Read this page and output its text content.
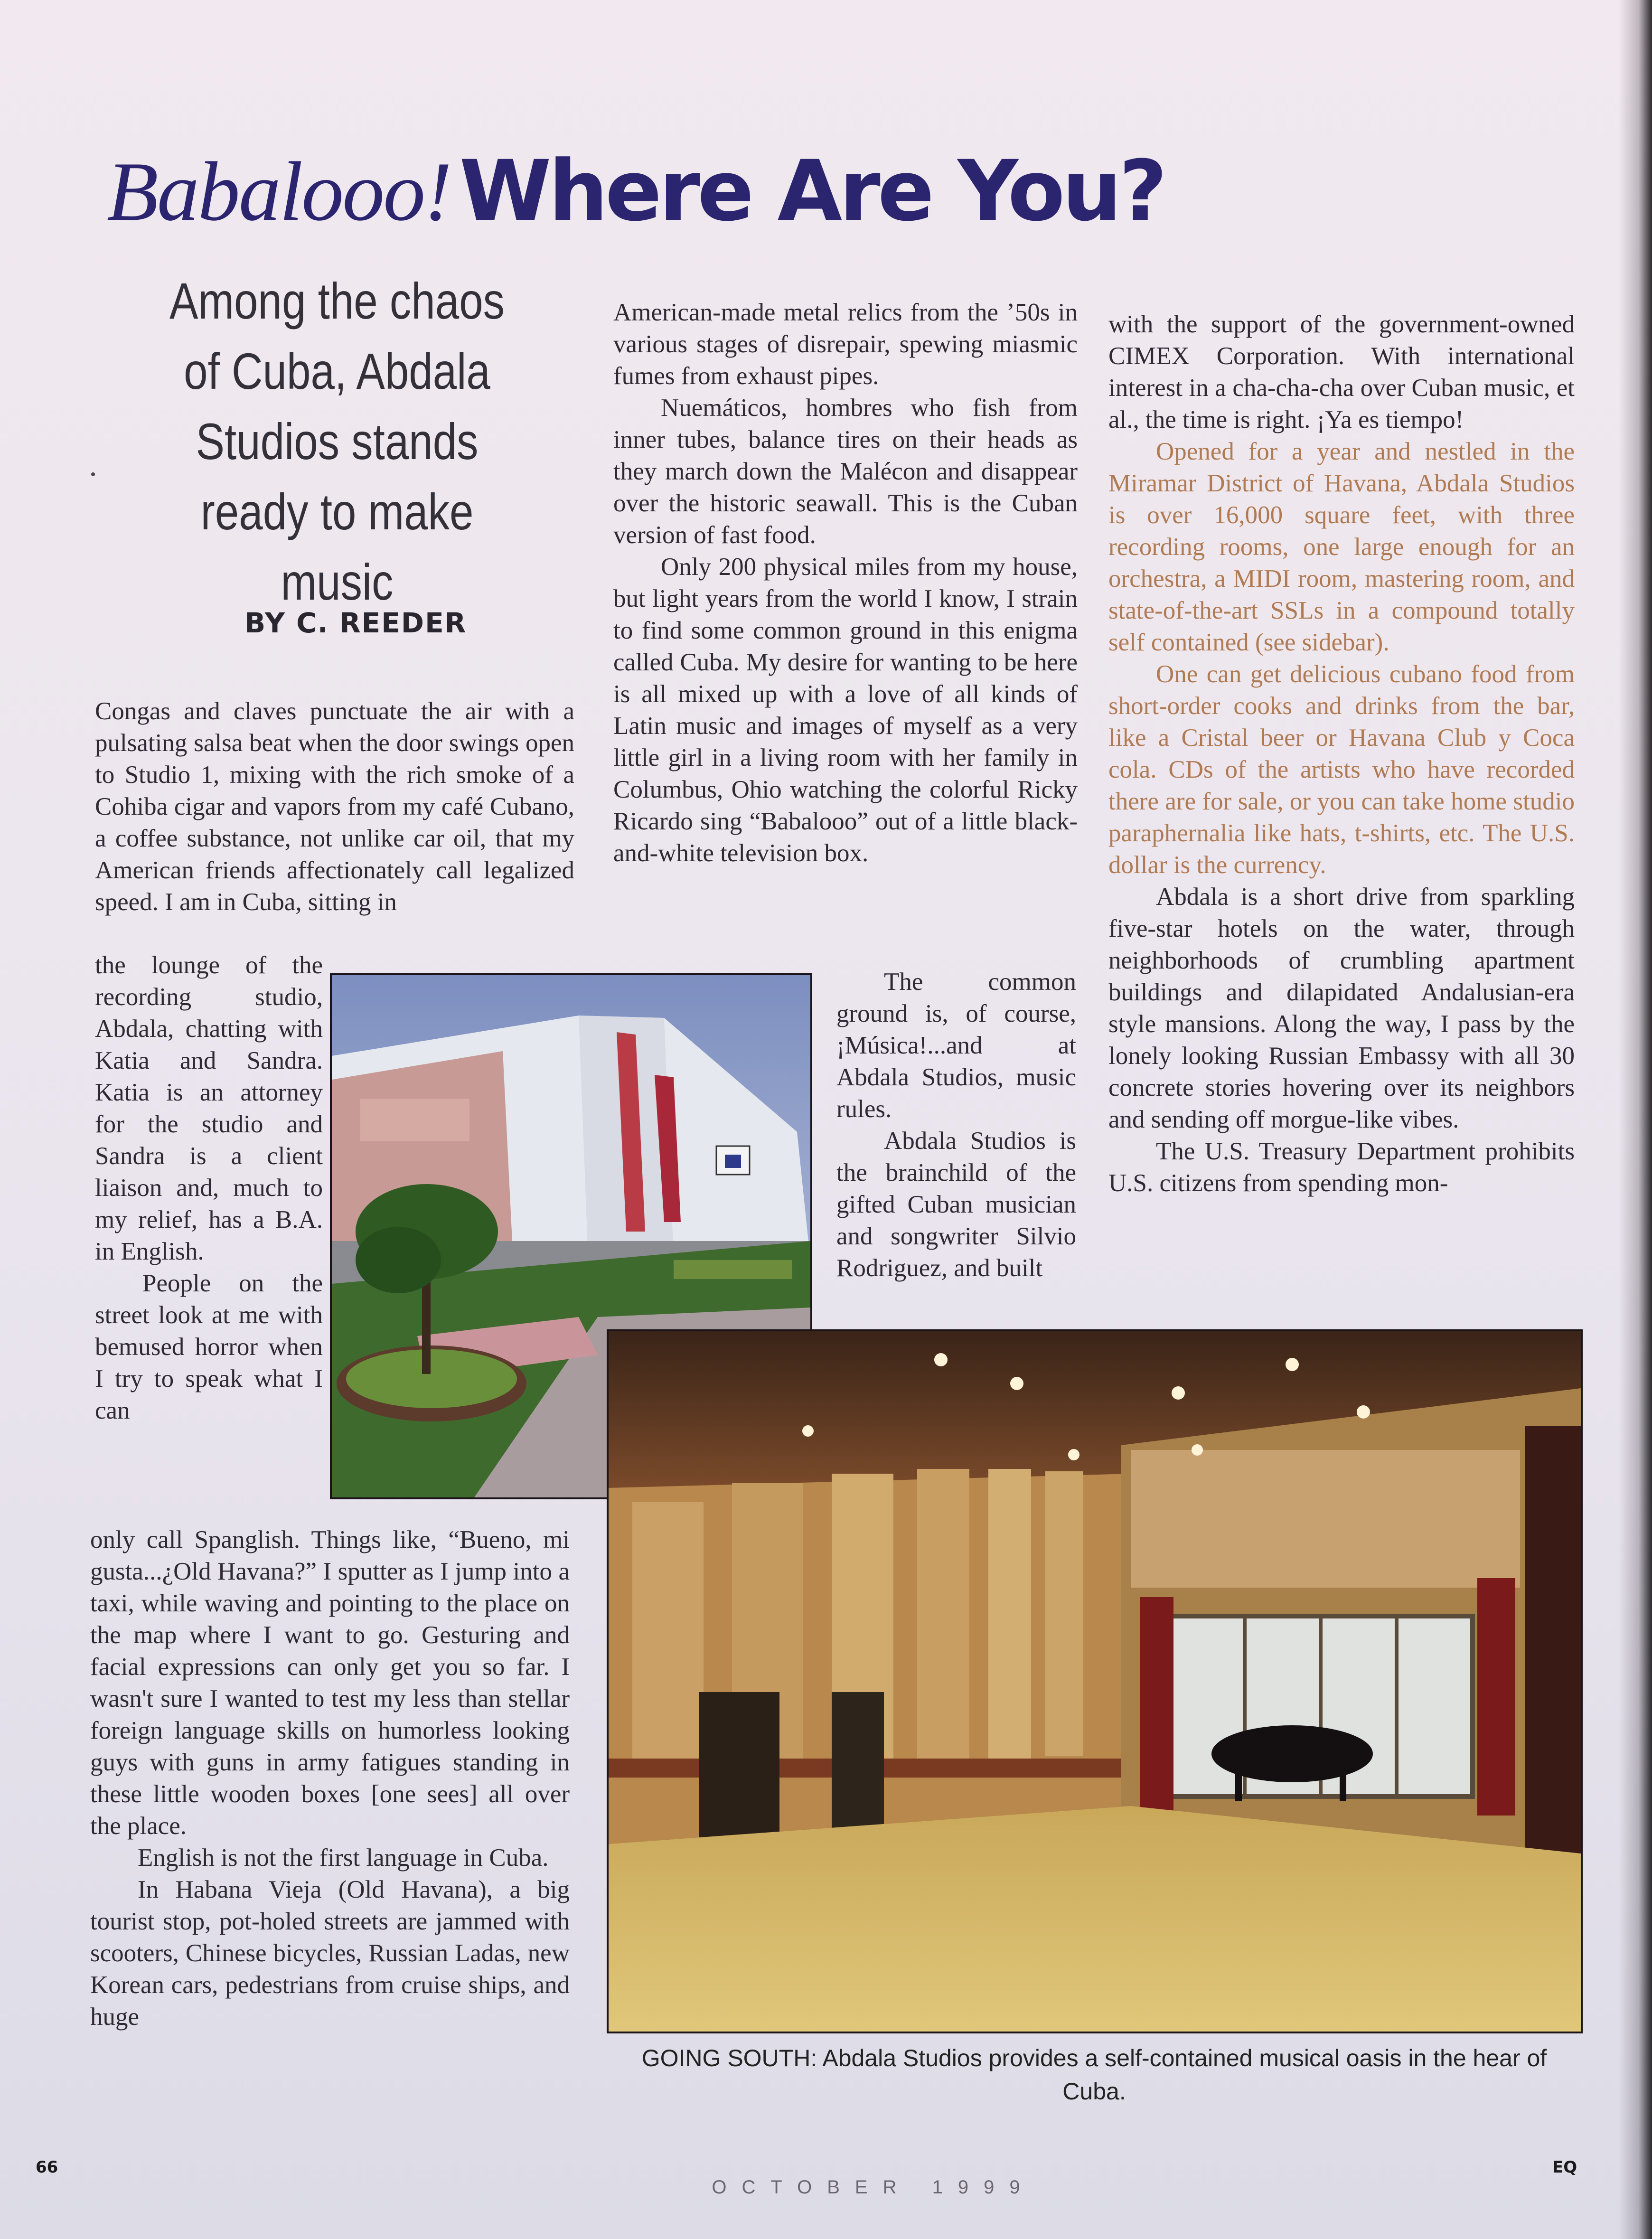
Babalooo! Where Are You?
Among the chaos of Cuba, Abdala Studios stands ready to make music
BY C. REEDER

Congas and claves punctuate the air with a pulsating salsa beat when the door swings open to Studio 1, mixing with the rich smoke of a Cohiba cigar and vapors from my café Cubano, a coffee substance, not unlike car oil, that my American friends affectionately call legalized speed. I am in Cuba, sitting in

the lounge of the recording studio, Abdala, chatting with Katia and Sandra. Katia is an attorney for the studio and Sandra is a client liaison and, much to my relief, has a B.A. in English.

People on the street look at me with bemused horror when I try to speak what I can

only call Spanglish. Things like, “Bueno, mi gusta...¿Old Havana?” I sputter as I jump into a taxi, while waving and pointing to the place on the map where I want to go. Gesturing and facial expressions can only get you so far. I wasn't sure I wanted to test my less than stellar foreign language skills on humorless looking guys with guns in army fatigues standing in these little wooden boxes [one sees] all over the place.

English is not the first language in Cuba.

In Habana Vieja (Old Havana), a big tourist stop, pot-holed streets are jammed with scooters, Chinese bicycles, Russian Ladas, new Korean cars, pedestrians from cruise ships, and huge

American-made metal relics from the ’50s in various stages of disrepair, spewing miasmic fumes from exhaust pipes.

Nuemáticos, hombres who fish from inner tubes, balance tires on their heads as they march down the Malécon and disappear over the historic seawall. This is the Cuban version of fast food.

Only 200 physical miles from my house, but light years from the world I know, I strain to find some common ground in this enigma called Cuba. My desire for wanting to be here is all mixed up with a love of all kinds of Latin music and images of myself as a very little girl in a living room with her family in Columbus, Ohio watching the colorful Ricky Ricardo sing “Babalooo” out of a little black-and-white television box.

The common ground is, of course, ¡Música!...and at Abdala Studios, music rules.

Abdala Studios is the brainchild of the gifted Cuban musician and songwriter Silvio Rodriguez, and built

with the support of the government-owned CIMEX Corporation. With international interest in a cha-cha-cha over Cuban music, et al., the time is right. ¡Ya es tiempo!

Opened for a year and nestled in the Miramar District of Havana, Abdala Studios is over 16,000 square feet, with three recording rooms, one large enough for an orchestra, a MIDI room, mastering room, and state-of-the-art SSLs in a compound totally self contained (see sidebar).

One can get delicious cubano food from short-order cooks and drinks from the bar, like a Cristal beer or Havana Club y Coca cola. CDs of the artists who have recorded there are for sale, or you can take home studio paraphernalia like hats, t-shirts, etc. The U.S. dollar is the currency.

Abdala is a short drive from sparkling five-star hotels on the water, through neighborhoods of crumbling apartment buildings and dilapidated Andalusian-era style mansions. Along the way, I pass by the lonely looking Russian Embassy with all 30 concrete stories hovering over its neighbors and sending off morgue-like vibes.

The U.S. Treasury Department prohibits U.S. citizens from spending mon-

GOING SOUTH: Abdala Studios provides a self-contained musical oasis in the hear of Cuba.
66
OCTOBER 1999
EQ
